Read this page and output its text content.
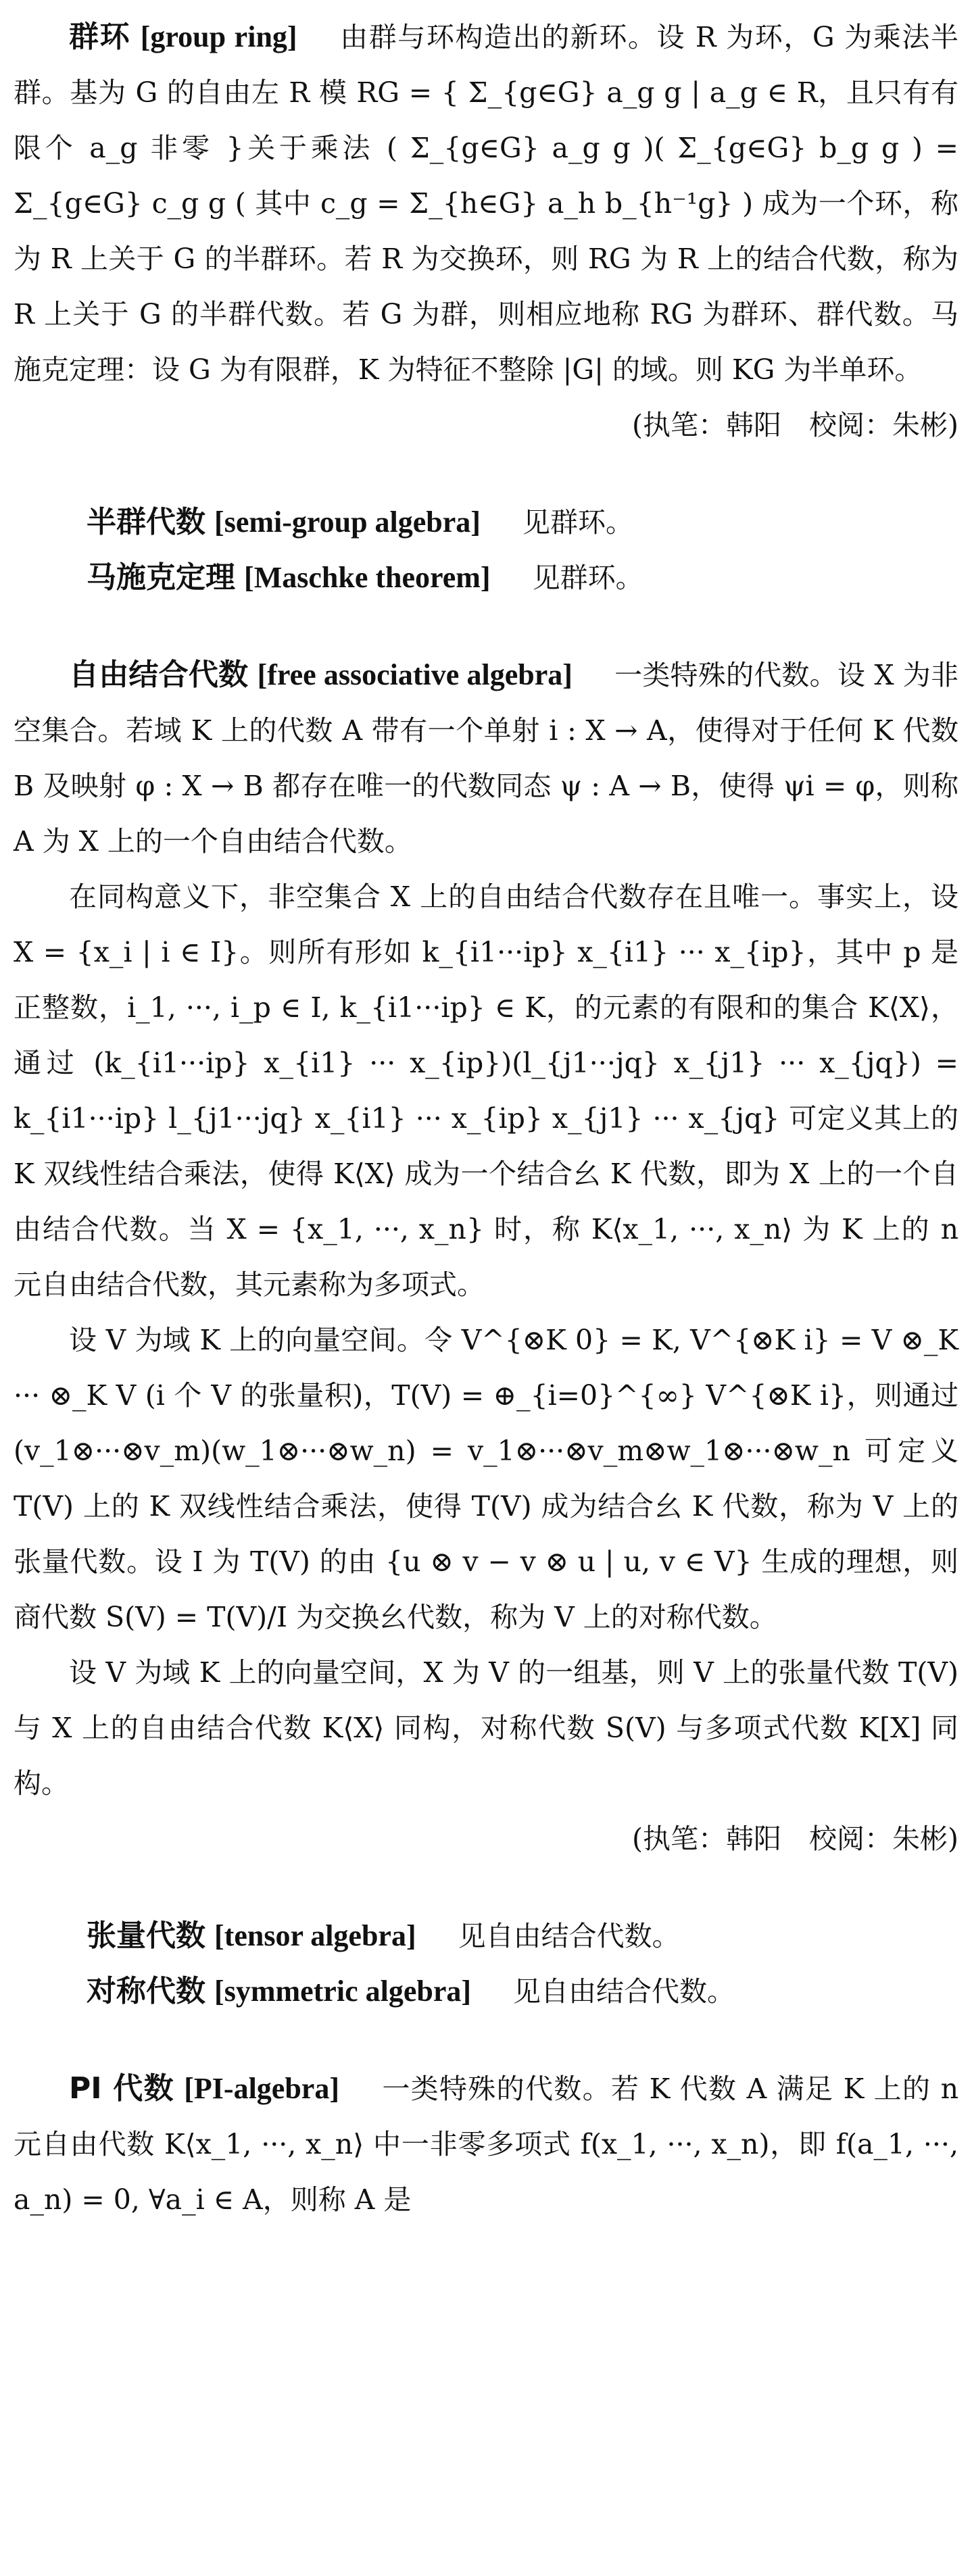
群环 [group ring] 由群与环构造出的新环。设 R 为环，G 为乘法半群。基为 G 的自由左 R 模 RG = { Σ_{g∈G} a_g g | a_g ∈ R，且只有有限个 a_g 非零 }关于乘法 ( Σ_{g∈G} a_g g )( Σ_{g∈G} b_g g ) = Σ_{g∈G} c_g g ( 其中 c_g = Σ_{h∈G} a_h b_{h⁻¹g} ) 成为一个环，称为 R 上关于 G 的半群环。若 R 为交换环，则 RG 为 R 上的结合代数，称为 R 上关于 G 的半群代数。若 G 为群，则相应地称 RG 为群环、群代数。马施克定理：设 G 为有限群，K 为特征不整除 |G| 的域。则 KG 为半单环。

(执笔：韩阳　校阅：朱彬)
半群代数 [semi-group algebra] 见群环。
马施克定理 [Maschke theorem] 见群环。

自由结合代数 [free associative algebra] 一类特殊的代数。设 X 为非空集合。若域 K 上的代数 A 带有一个单射 i : X → A，使得对于任何 K 代数 B 及映射 φ : X → B 都存在唯一的代数同态 ψ : A → B，使得 ψi = φ，则称 A 为 X 上的一个自由结合代数。

在同构意义下，非空集合 X 上的自由结合代数存在且唯一。事实上，设 X = {x_i | i ∈ I}。则所有形如 k_{i1···ip} x_{i1} ··· x_{ip}，其中 p 是正整数，i_1, ···, i_p ∈ I, k_{i1···ip} ∈ K，的元素的有限和的集合 K⟨X⟩，通过 (k_{i1···ip} x_{i1} ··· x_{ip})(l_{j1···jq} x_{j1} ··· x_{jq}) = k_{i1···ip} l_{j1···jq} x_{i1} ··· x_{ip} x_{j1} ··· x_{jq} 可定义其上的 K 双线性结合乘法，使得 K⟨X⟩ 成为一个结合幺 K 代数，即为 X 上的一个自由结合代数。当 X = {x_1, ···, x_n} 时，称 K⟨x_1, ···, x_n⟩ 为 K 上的 n 元自由结合代数，其元素称为多项式。

设 V 为域 K 上的向量空间。令 V^{⊗K 0} = K, V^{⊗K i} = V ⊗_K ··· ⊗_K V (i 个 V 的张量积)，T(V) = ⊕_{i=0}^{∞} V^{⊗K i}，则通过 (v_1⊗···⊗v_m)(w_1⊗···⊗w_n) = v_1⊗···⊗v_m⊗w_1⊗···⊗w_n 可定义 T(V) 上的 K 双线性结合乘法，使得 T(V) 成为结合幺 K 代数，称为 V 上的张量代数。设 I 为 T(V) 的由 {u ⊗ v − v ⊗ u | u, v ∈ V} 生成的理想，则商代数 S(V) = T(V)/I 为交换幺代数，称为 V 上的对称代数。

设 V 为域 K 上的向量空间，X 为 V 的一组基，则 V 上的张量代数 T(V) 与 X 上的自由结合代数 K⟨X⟩ 同构，对称代数 S(V) 与多项式代数 K[X] 同构。

(执笔：韩阳　校阅：朱彬)
张量代数 [tensor algebra] 见自由结合代数。
对称代数 [symmetric algebra] 见自由结合代数。

PI 代数 [PI-algebra] 一类特殊的代数。若 K 代数 A 满足 K 上的 n 元自由代数 K⟨x_1, ···, x_n⟩ 中一非零多项式 f(x_1, ···, x_n)，即 f(a_1, ···, a_n) = 0, ∀a_i ∈ A，则称 A 是
